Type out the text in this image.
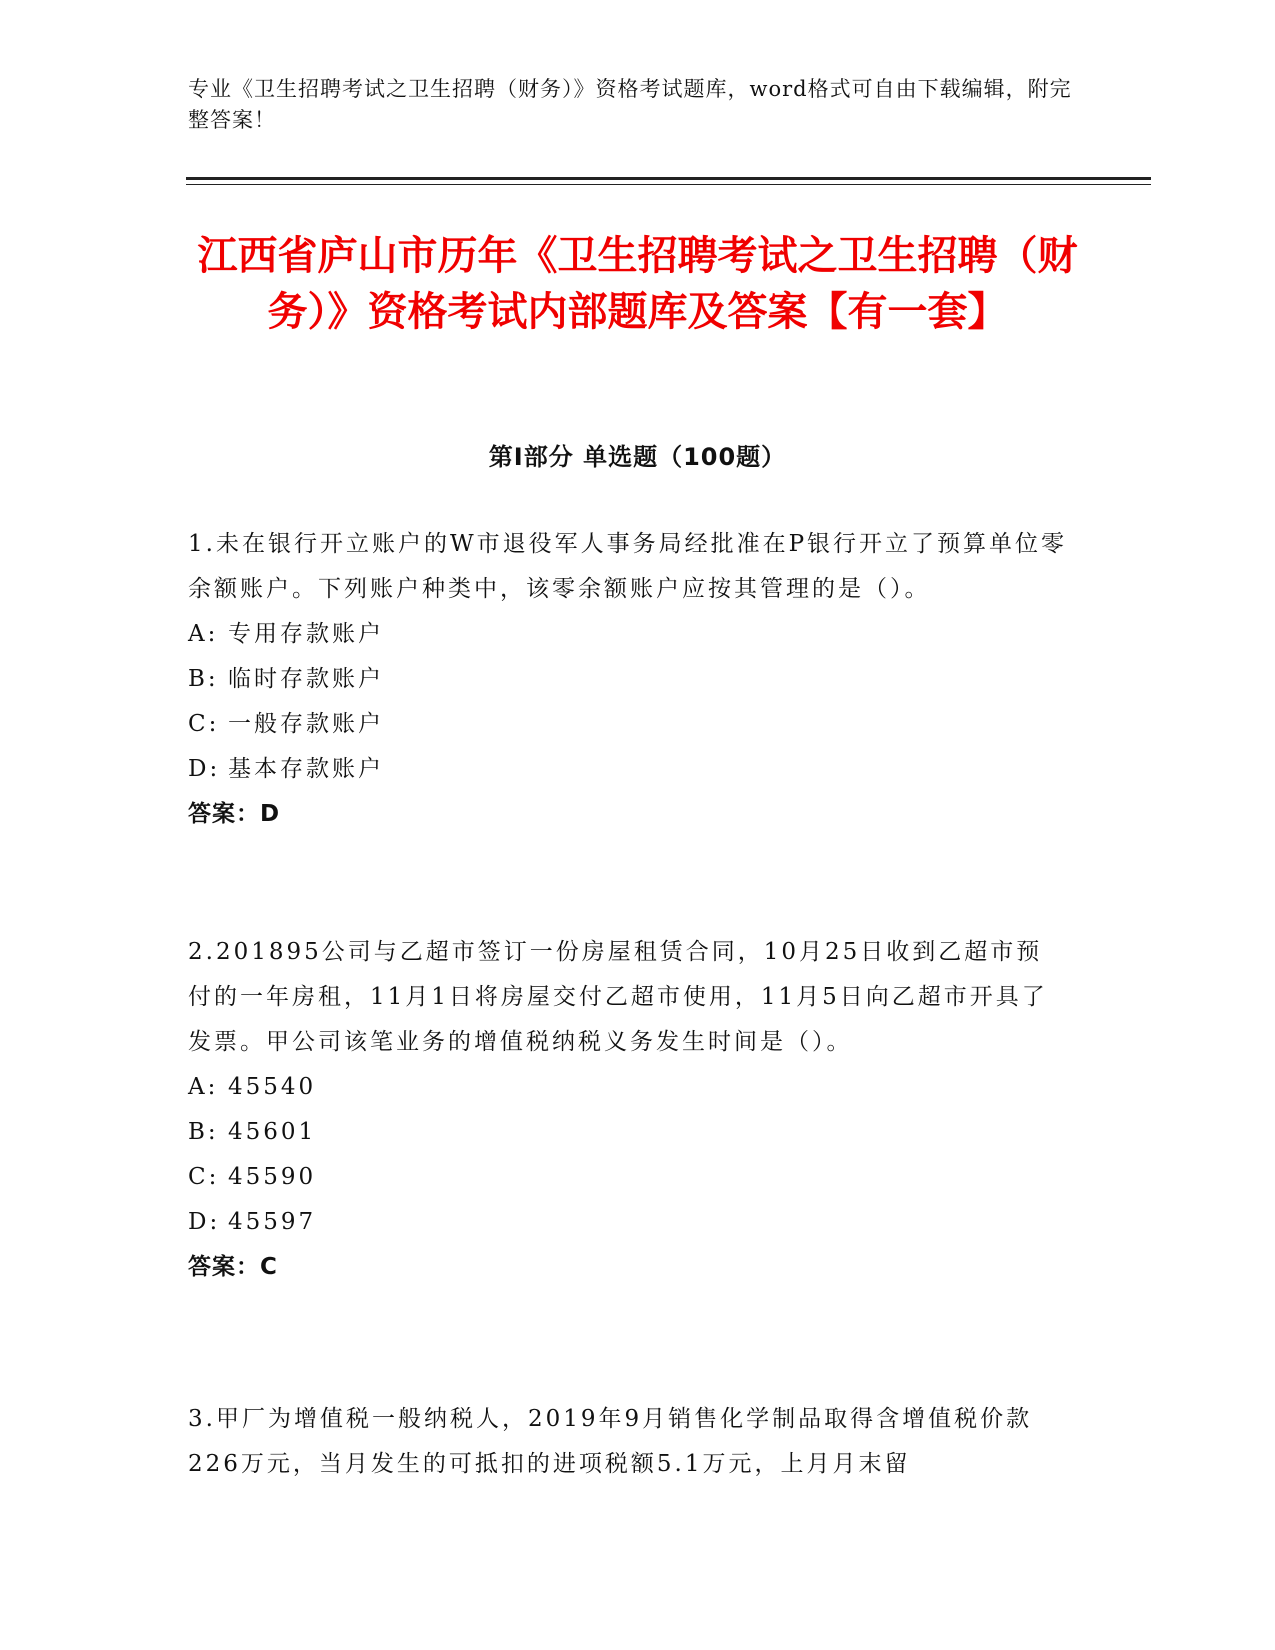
专业《卫生招聘考试之卫生招聘（财务）》资格考试题库，word格式可自由下载编辑，附完整答案！
江西省庐山市历年《卫生招聘考试之卫生招聘（财务）》资格考试内部题库及答案【有一套】
第I部分 单选题（100题）
1.未在银行开立账户的W市退役军人事务局经批准在P银行开立了预算单位零余额账户。下列账户种类中，该零余额账户应按其管理的是（）。
A: 专用存款账户
B: 临时存款账户
C: 一般存款账户
D: 基本存款账户
答案：D
2.201895公司与乙超市签订一份房屋租赁合同，10月25日收到乙超市预付的一年房租，11月1日将房屋交付乙超市使用，11月5日向乙超市开具了发票。甲公司该笔业务的增值税纳税义务发生时间是（）。
A: 45540
B: 45601
C: 45590
D: 45597
答案：C
3.甲厂为增值税一般纳税人，2019年9月销售化学制品取得含增值税价款226万元，当月发生的可抵扣的进项税额5.1万元，上月月末留
